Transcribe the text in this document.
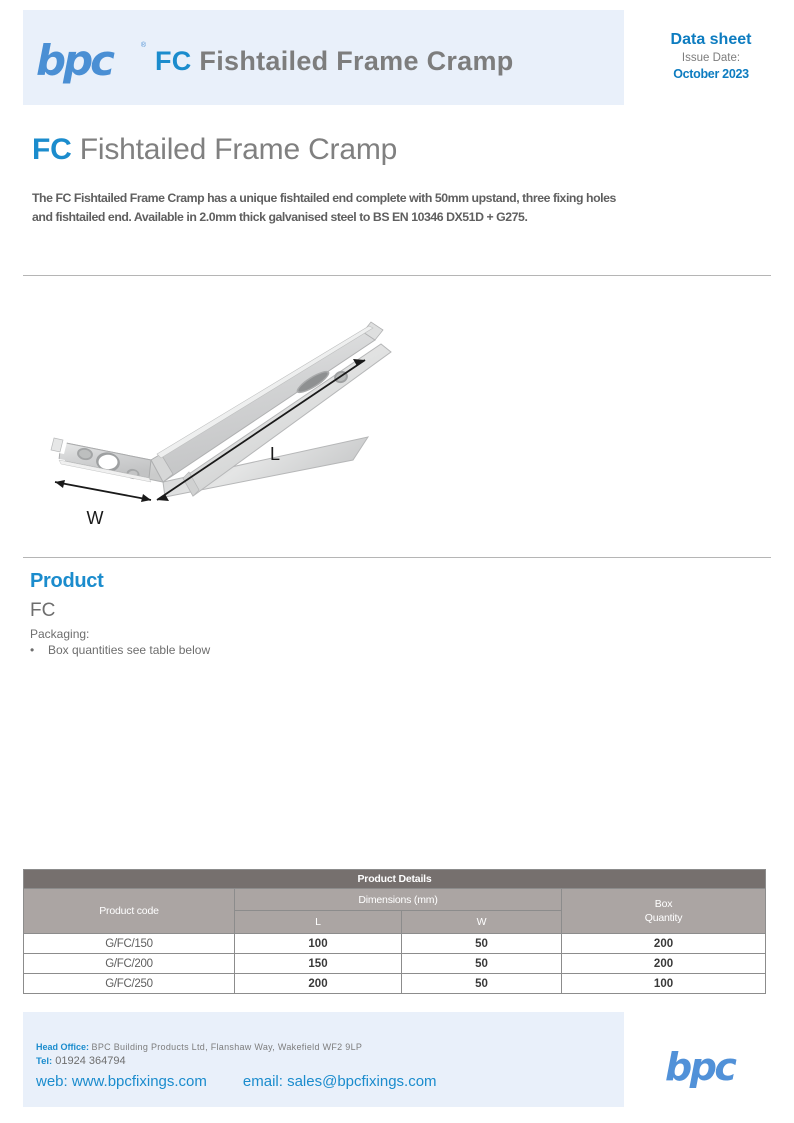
bpc	®
FC Fishtailed Frame Cramp
Data sheet
Issue Date:
October 2023
FC Fishtailed Frame Cramp
The FC Fishtailed Frame Cramp has a unique fishtailed end complete with 50mm upstand, three fixing holes and fishtailed end. Available in 2.0mm thick galvanised steel to BS EN 10346 DX51D + G275.
W
L
Product
FC
Packaging:
• Box quantities see table below
Product Details			
Product code	Dimensions (mm)		Box
Quantity

	L	W	
G/FC/150	100	50	200
G/FC/200	150	50	200
G/FC/250	200	50	100
Head Office: BPC Building Products Ltd, Flanshaw Way, Wakefield WF2 9LP
Tel: 01924 364794
web: www.bpcfixings.com email: sales@bpcfixings.com	bpc
